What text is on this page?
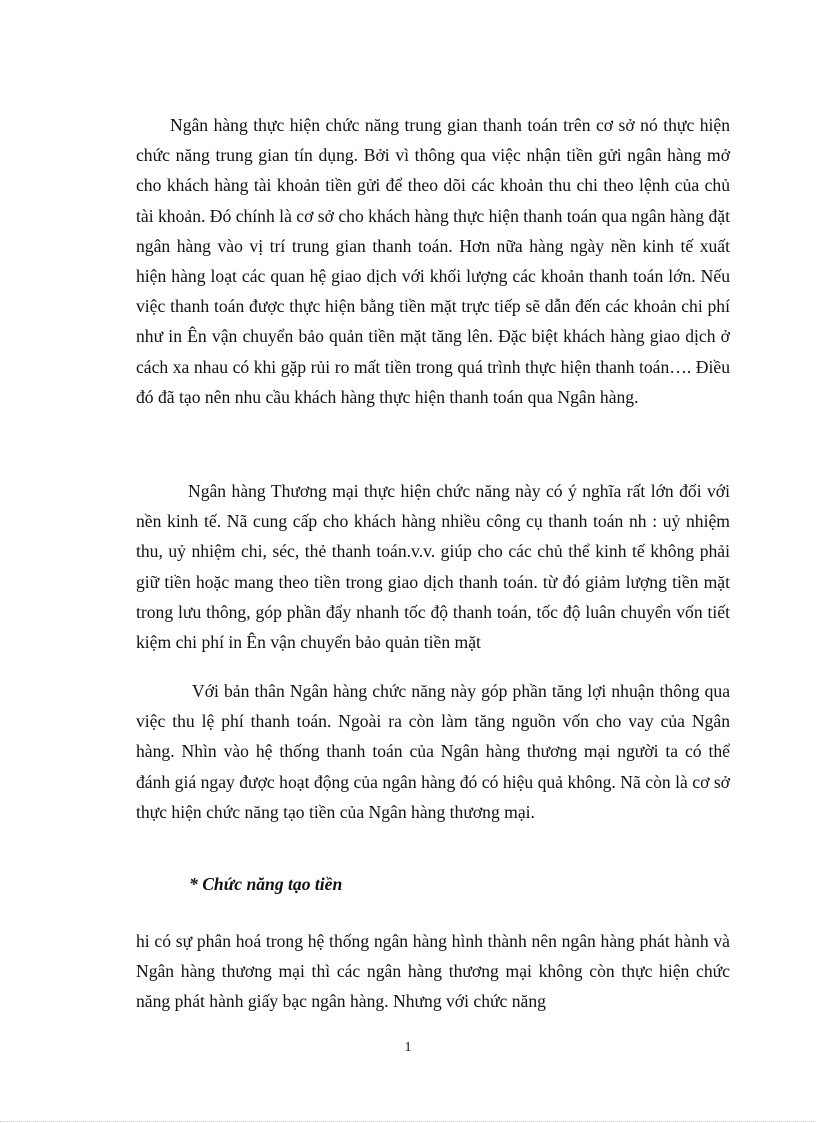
Ngân hàng thực hiện chức năng trung gian thanh toán trên cơ sở nó thực hiện chức năng trung gian tín dụng. Bởi vì thông qua việc nhận tiền gửi ngân hàng mở cho khách hàng tài khoản tiền gửi để theo dõi các khoản thu chi theo lệnh của chủ tài khoản. Đó chính là cơ sở cho khách hàng thực hiện thanh toán qua ngân hàng đặt ngân hàng vào vị trí trung gian thanh toán. Hơn nữa hàng ngày nền kinh tế xuất hiện hàng loạt các quan hệ giao dịch với khối lượng các khoản thanh toán lớn. Nếu việc thanh toán được thực hiện bằng tiền mặt trực tiếp sẽ dẫn đến các khoản chi phí như in Ên vận chuyển bảo quản tiền mặt tăng lên. Đặc biệt khách hàng giao dịch ở cách xa nhau có khi gặp rủi ro mất tiền trong quá trình thực hiện thanh toán…. Điều đó đã tạo nên nhu cầu khách hàng thực hiện thanh toán qua Ngân hàng.

Ngân hàng Thương mại thực hiện chức năng này có ý nghĩa rất lớn đối với nền kinh tế. Nã cung cấp cho khách hàng nhiều công cụ thanh toán nh : uỷ nhiệm thu, uỷ nhiệm chi, séc, thẻ thanh toán.v.v. giúp cho các chủ thể kinh tế không phải giữ tiền hoặc mang theo tiền trong giao dịch thanh toán. từ đó giảm lượng tiền mặt trong lưu thông, góp phần đẩy nhanh tốc độ thanh toán, tốc độ luân chuyển vốn tiết kiệm chi phí in Ên vận chuyển bảo quản tiền mặt

Với bản thân Ngân hàng chức năng này góp phần tăng lợi nhuận thông qua việc thu lệ phí thanh toán. Ngoài ra còn làm tăng nguồn vốn cho vay của Ngân hàng. Nhìn vào hệ thống thanh toán của Ngân hàng thương mại người ta có thể đánh giá ngay được hoạt động của ngân hàng đó có hiệu quả không. Nã còn là cơ sở thực hiện chức năng tạo tiền của Ngân hàng thương mại.

* Chức năng tạo tiền

hi có sự phân hoá trong hệ thống ngân hàng hình thành nên ngân hàng phát hành và Ngân hàng thương mại thì các ngân hàng thương mại không còn thực hiện chức năng phát hành giấy bạc ngân hàng. Nhưng với chức năng

1
